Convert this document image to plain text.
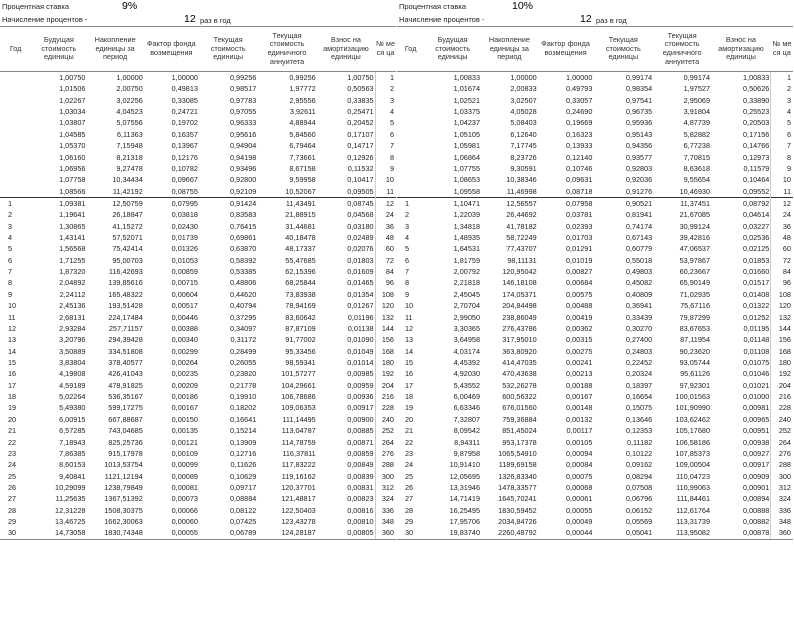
Процентная ставка	9%
Начисление процентов -	12 раз в год
Год	Будущая стоимость единицы	Накопление единицы за период	Фактор фонда возмещения	Текущая стоимость единицы	Текущая стоимость единичного аннуитета	Взнос на амортизацию единицы	№ ме ся ца
	1,00750	1,00000	1,00000	0,99256	0,99256	1,00750	1
	1,01506	2,00750	0,49813	0,98517	1,97772	0,50563	2
	1,02267	3,02256	0,33085	0,97783	2,95556	0,33835	3
	1,03034	4,04523	0,24721	0,97055	3,92611	0,25471	4
	1,03807	5,07556	0,19702	0,96333	4,88944	0,20452	5
	1,04585	6,11363	0,16357	0,95616	5,84560	0,17107	6
	1,05370	7,15948	0,13967	0,94904	6,79464	0,14717	7
	1,06160	8,21318	0,12176	0,94198	7,73661	0,12926	8
	1,06956	9,27478	0,10782	0,93496	8,67158	0,11532	9
	1,07758	10,34434	0,09667	0,92800	9,59958	0,10417	10
	1,08566	11,42192	0,08755	0,92109	10,52067	0,09505	11
1	1,09381	12,50759	0,07995	0,91424	11,43491	0,08745	12
2	1,19641	26,18847	0,03818	0,83583	21,88915	0,04568	24
3	1,30865	41,15272	0,02430	0,76415	31,44681	0,03180	36
4	1,43141	57,52071	0,01739	0,69861	40,18478	0,02489	48
5	1,56568	75,42414	0,01326	0,63870	48,17337	0,02076	60
6	1,71255	95,00703	0,01053	0,58392	55,47685	0,01803	72
7	1,87320	116,42693	0,00859	0,53385	62,15396	0,01609	84
8	2,04892	139,85616	0,00715	0,48806	68,25844	0,01465	96
9	2,24112	165,48322	0,00604	0,44620	73,83938	0,01354	108
10	2,45136	193,51428	0,00517	0,40794	78,94169	0,01267	120
11	2,68131	224,17484	0,00446	0,37295	83,60642	0,01196	132
12	2,93284	257,71157	0,00388	0,34097	87,87109	0,01138	144
13	3,20796	294,39428	0,00340	0,31172	91,77002	0,01090	156
14	3,50889	334,51808	0,00299	0,28499	95,33456	0,01049	168
15	3,83804	378,40577	0,00264	0,26055	98,59341	0,01014	180
16	4,19808	426,41043	0,00235	0,23820	101,57277	0,00985	192
17	4,59189	478,91825	0,00209	0,21778	104,29661	0,00959	204
18	5,02264	536,35167	0,00186	0,19910	106,78686	0,00936	216
19	5,49380	599,17275	0,00167	0,18202	109,06353	0,00917	228
20	6,00915	667,88687	0,00150	0,16641	111,14495	0,00900	240
21	6,57285	743,04685	0,00135	0,15214	113,04787	0,00885	252
22	7,18943	825,25736	0,00121	0,13909	114,78759	0,00871	264
23	7,86385	915,17978	0,00109	0,12716	116,37811	0,00859	276
24	8,60153	1013,53754	0,00099	0,11626	117,83222	0,00849	288
25	9,40841	1121,12194	0,00089	0,10629	119,16162	0,00839	300
26	10,29099	1238,79849	0,00081	0,09717	120,37701	0,00831	312
27	11,25635	1367,51392	0,00073	0,08884	121,48817	0,00823	324
28	12,31228	1508,30375	0,00066	0,08122	122,50403	0,00816	336
29	13,46725	1662,30063	0,00060	0,07425	123,43278	0,00810	348
30	14,73058	1830,74348	0,00055	0,06789	124,28187	0,00805	360
Процентная ставка	10%
Начисление процентов -	12 раз в год
Год	Будущая стоимость единицы	Накопление единицы за период	Фактор фонда возмещения	Текущая стоимость единицы	Текущая стоимость единичного аннуитета	Взнос на амортизацию единицы	№ ме ся ца
	1,00833	1,00000	1,00000	0,99174	0,99174	1,00833	1
	1,01674	2,00833	0,49793	0,98354	1,97527	0,50626	2
	1,02521	3,02507	0,33057	0,97541	2,95069	0,33890	3
	1,03375	4,05028	0,24690	0,96735	3,91804	0,25523	4
	1,04237	5,08403	0,19669	0,95936	4,87739	0,20503	5
	1,05105	6,12640	0,16323	0,95143	5,82882	0,17156	6
	1,05981	7,17745	0,13933	0,94356	6,77238	0,14766	7
	1,06864	8,23726	0,12140	0,93577	7,70815	0,12973	8
	1,07755	9,30591	0,10746	0,92803	8,63618	0,11579	9
	1,08653	10,38346	0,09631	0,92036	9,55654	0,10464	10
	1,09558	11,46998	0,08718	0,91276	10,46930	0,09552	11
1	1,10471	12,56557	0,07958	0,90521	11,37451	0,08792	12
2	1,22039	26,44692	0,03781	0,81941	21,67085	0,04614	24
3	1,34818	41,78182	0,02393	0,74174	30,99124	0,03227	36
4	1,48935	58,72249	0,01703	0,67143	39,42816	0,02536	48
5	1,64531	77,43707	0,01291	0,60779	47,06537	0,02125	60
6	1,81759	98,11131	0,01019	0,55018	53,97867	0,01853	72
7	2,00792	120,95042	0,00827	0,49803	60,23667	0,01660	84
8	2,21818	146,18108	0,00684	0,45082	65,90149	0,01517	96
9	2,45045	174,05371	0,00575	0,40809	71,02935	0,01408	108
10	2,70704	204,84498	0,00488	0,36941	75,67116	0,01322	120
11	2,99050	238,86049	0,00419	0,33439	79,87299	0,01252	132
12	3,30365	276,43786	0,00362	0,30270	83,67653	0,01195	144
13	3,64958	317,95010	0,00315	0,27400	87,11954	0,01148	156
14	4,03174	363,80920	0,00275	0,24803	90,23620	0,01108	168
15	4,45392	414,47035	0,00241	0,22452	93,05744	0,01075	180
16	4,92030	470,43638	0,00213	0,20324	95,61126	0,01046	192
17	5,43552	532,26278	0,00188	0,18397	97,92301	0,01021	204
18	6,00469	600,56322	0,00167	0,16654	100,01563	0,01000	216
19	6,63346	676,01560	0,00148	0,15075	101,90990	0,00981	228
20	7,32807	759,36884	0,00132	0,13646	103,62462	0,00965	240
21	8,09542	851,45024	0,00117	0,12353	105,17680	0,00951	252
22	8,94311	953,17378	0,00105	0,11182	106,58186	0,00938	264
23	9,87958	1065,54910	0,00094	0,10122	107,85373	0,00927	276
24	10,91410	1189,69158	0,00084	0,09162	109,00504	0,00917	288
25	12,05695	1326,83340	0,00075	0,08294	110,04723	0,00909	300
26	13,31946	1478,33577	0,00068	0,07508	110,99063	0,00901	312
27	14,71419	1645,70241	0,00061	0,06796	111,84461	0,00894	324
28	16,25495	1830,59452	0,00055	0,06152	112,61764	0,00888	336
29	17,95706	2034,84726	0,00049	0,05569	113,31739	0,00882	348
30	19,83740	2260,48792	0,00044	0,05041	113,95082	0,00878	360
